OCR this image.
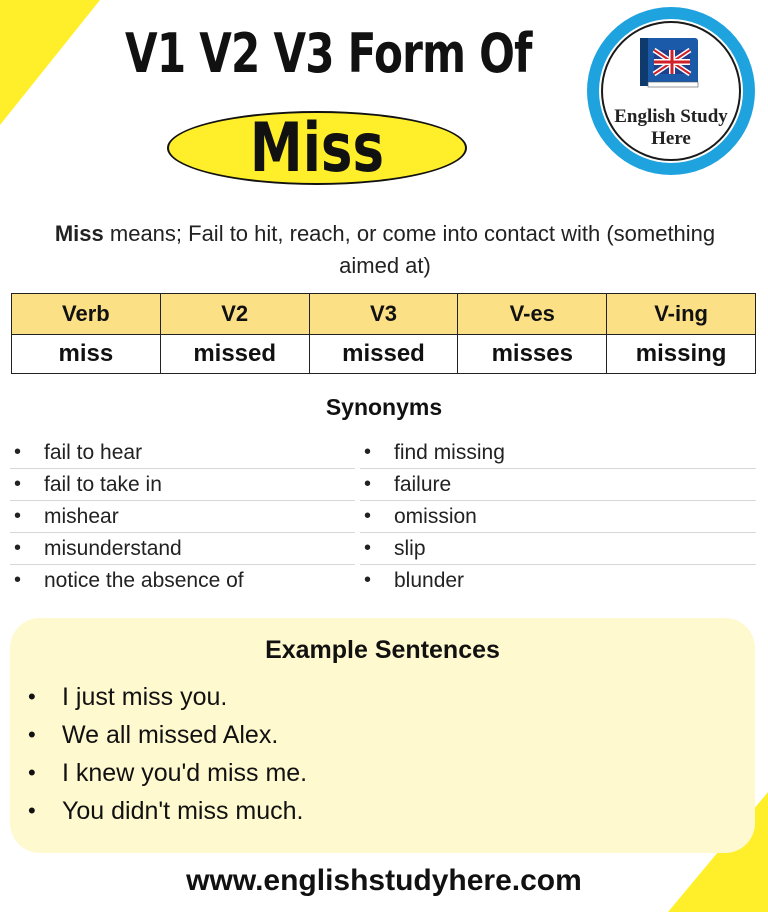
V1 V2 V3 Form Of
Miss	English Study
Here
Miss means; Fail to hit, reach, or come into contact with (something aimed at)
Verb	V2	V3	V-es	V-ing
miss	missed	missed	misses	missing
Synonyms
• fail to hear
• fail to take in
• mishear
• misunderstand
• notice the absence of
• find missing
• failure
• omission
• slip
• blunder
Example Sentences
• I just miss you.
• We all missed Alex.
• I knew you'd miss me.
• You didn't miss much.
www.englishstudyhere.com
